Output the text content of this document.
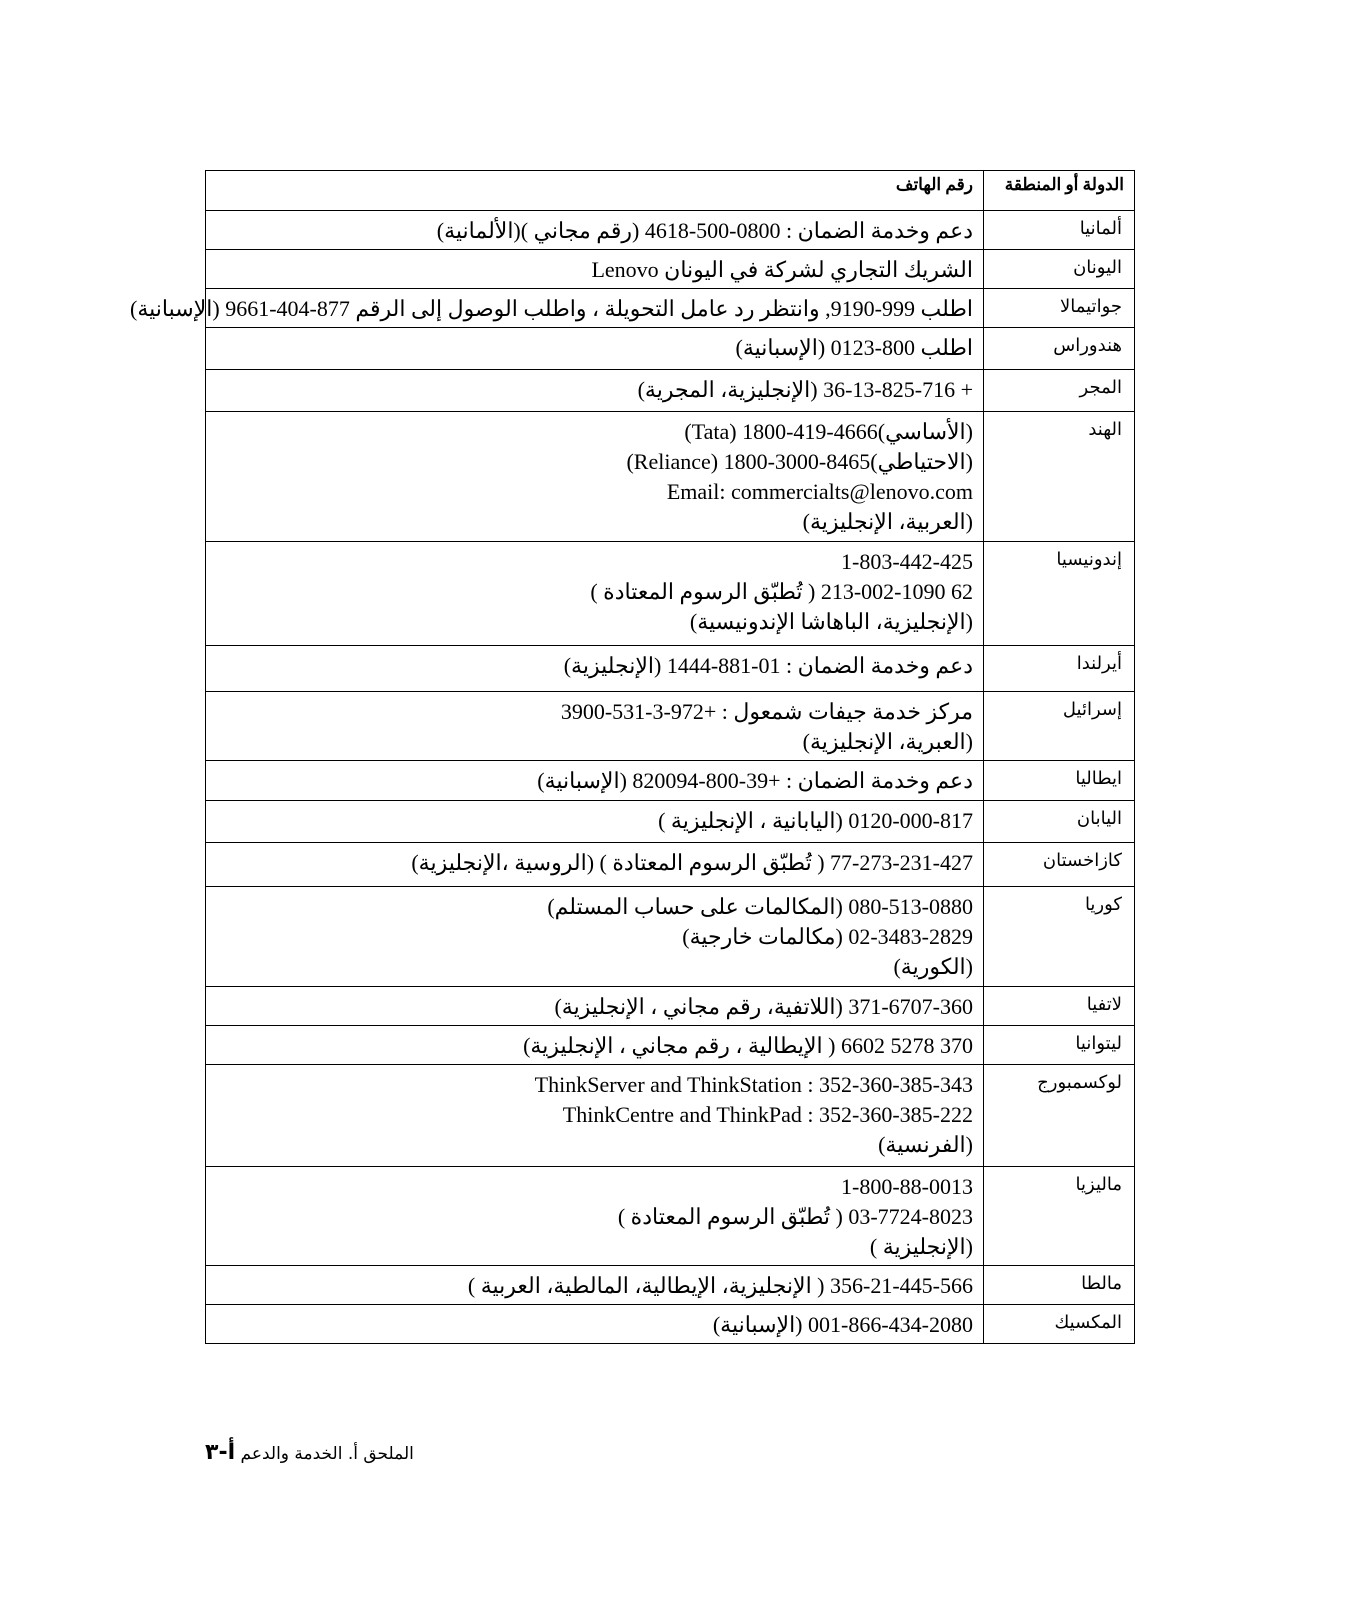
الدولة أو المنطقة	رقم الهاتف
ألمانيا	دعم وخدمة الضمان : 0800-500-4618 (رقم مجاني )(الألمانية)

اليونان	الشريك التجاري لشركة في اليونان Lenovo

جواتيمالا	اطلب 999-9190, وانتظر رد عامل التحويلة ، واطلب الوصول إلى الرقم 877-404-9661 (الإسبانية)

هندوراس	اطلب 800-0123 (الإسبانية)

المجر	+ 36-13-825-716 (الإنجليزية، المجرية)

الهند	(Tata) 1800-419-4666(الأساسي)
(Reliance) 1800-3000-8465(الاحتياطي)
Email: commercialts@lenovo.com
(العربية، الإنجليزية)

إندونيسيا	1-803-442-425
62 213-002-1090 ( تُطبّق الرسوم المعتادة )
(الإنجليزية، الباهاشا الإندونيسية)

أيرلندا	دعم وخدمة الضمان : 01-881-1444 (الإنجليزية)

إسرائيل	مركز خدمة جيفات شمعول : +972-3-531-3900
(العبرية، الإنجليزية)

ايطاليا	دعم وخدمة الضمان : +39-800-820094 (الإسبانية)

اليابان	0120-000-817 (اليابانية ، الإنجليزية )

كازاخستان	77-273-231-427 ( تُطبّق الرسوم المعتادة ) (الروسية ،الإنجليزية)

كوريا	080-513-0880 (المكالمات على حساب المستلم)
02-3483-2829 (مكالمات خارجية)
(الكورية)

لاتفيا	371-6707-360 (اللاتفية، رقم مجاني ، الإنجليزية)

ليتوانيا	370 5278 6602 ( الإيطالية ، رقم مجاني ، الإنجليزية)

لوكسمبورج	ThinkServer and ThinkStation : 352-360-385-343
ThinkCentre and ThinkPad : 352-360-385-222
(الفرنسية)

ماليزيا	1-800-88-0013
03-7724-8023 ( تُطبّق الرسوم المعتادة )
(الإنجليزية )

مالطا	356-21-445-566 ( الإنجليزية، الإيطالية، المالطية، العربية )

المكسيك	001-866-434-2080 (الإسبانية)
الملحق أ. الخدمة والدعم أ-٣
